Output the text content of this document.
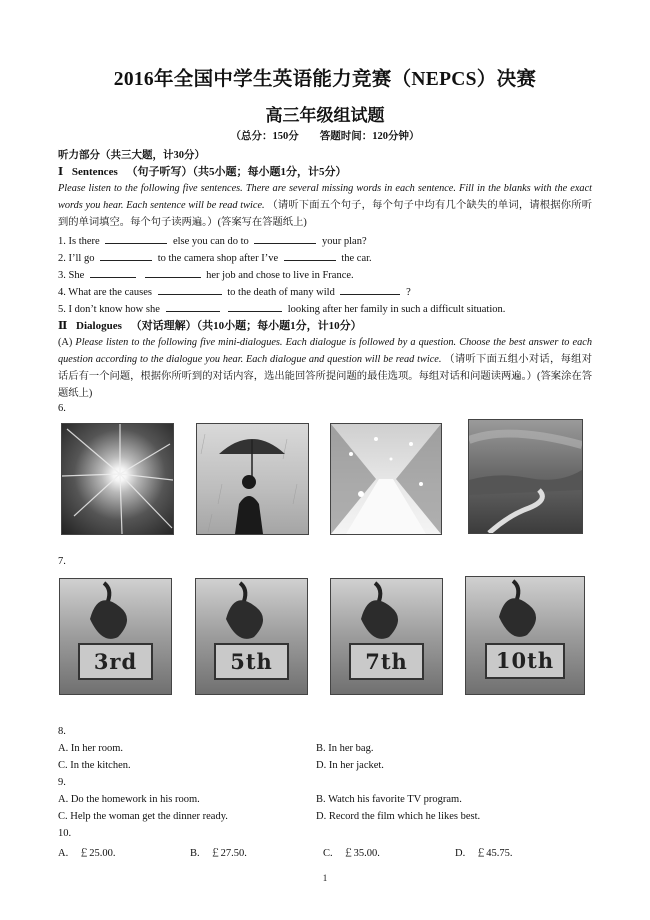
2016年全国中学生英语能力竞赛（NEPCS）决赛
高三年级组试题
（总分：150分　　答题时间：120分钟）
听力部分（共三大题，计30分）
Ⅰ Sentences （句子听写）（共5小题；每小题1分，计5分）
Please listen to the following five sentences. There are several missing words in each sentence. Fill in the blanks with the exact words you hear. Each sentence will be read twice. （请听下面五个句子，每个句子中均有几个缺失的单词，请根据你所听到的单词填空。每个句子读两遍。）(答案写在答题纸上)
1. Is there	else you can do to	your plan?
2. I’ll go	to the camera shop after I’ve	the car.
3. She	her job and chose to live in France.
4. What are the causes	to the death of many wild	?
5. I don’t know how she	looking after her family in such a difficult situation.
Ⅱ Dialogues （对话理解）（共10小题；每小题1分，计10分）
(A) Please listen to the following five mini-dialogues. Each dialogue is followed by a question. Choose the best answer to each question according to the dialogue you hear. Each dialogue and question will be read twice. （请听下面五组小对话，每组对话后有一个问题，根据你所听到的对话内容，选出能回答所提问题的最佳选项。每组对话和问题读两遍。）(答案涂在答题纸上)
6.
7.
3rd	5th	7th	10th
8.
A. In her room.	B. In her bag.
C. In the kitchen.	D. In her jacket.
9.
A. Do the homework in his room.	B. Watch his favorite TV program.
C. Help the woman get the dinner ready.	D. Record the film which he likes best.
10.
A.　￡25.00.	B.　￡27.50.	C.　￡35.00.	D.　￡45.75.
1
